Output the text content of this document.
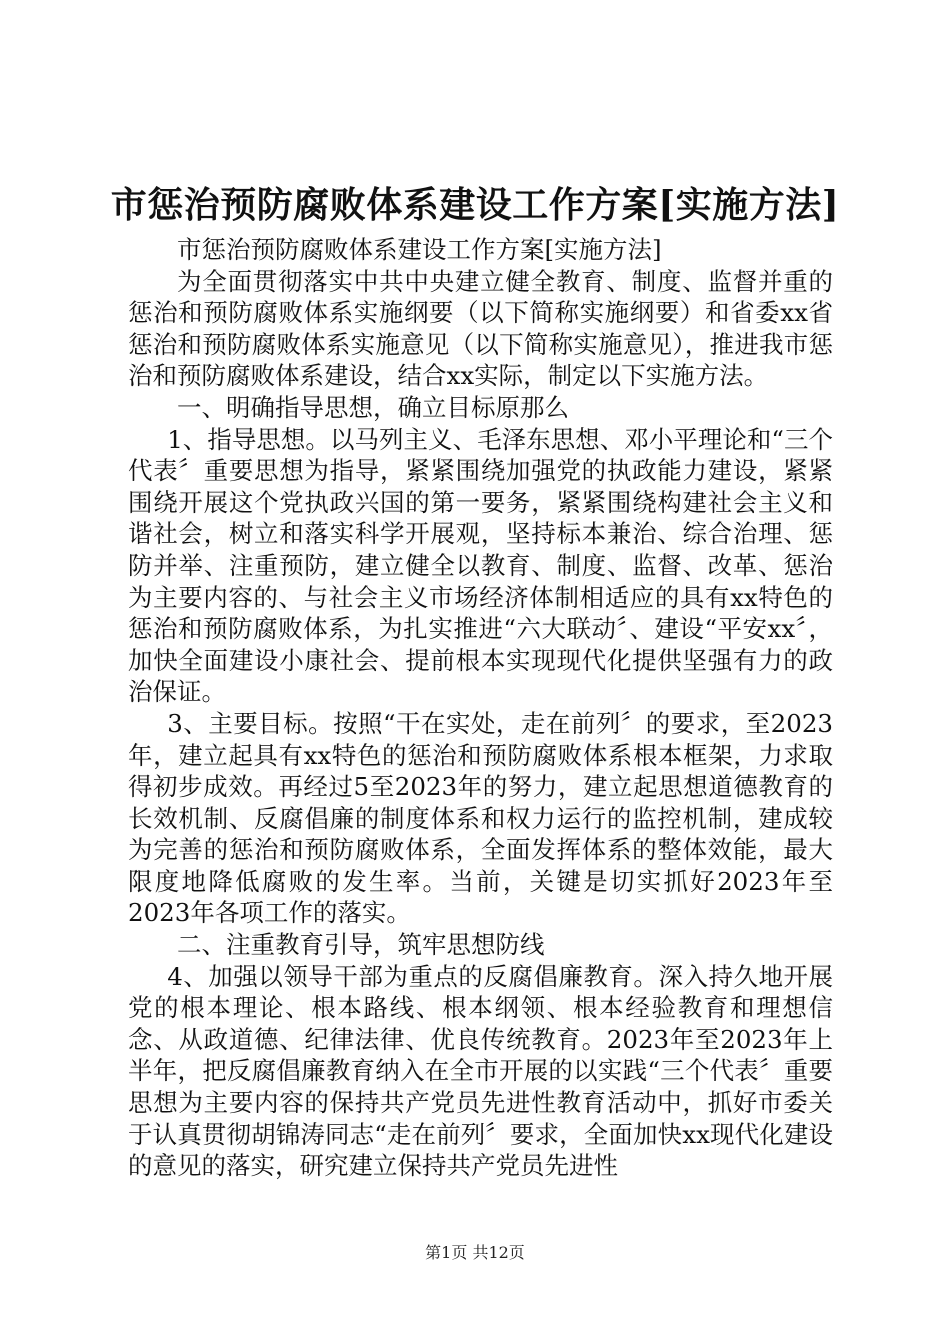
市惩治预防腐败体系建设工作方案[实施方法]

市惩治预防腐败体系建设工作方案[实施方法]

为全面贯彻落实中共中央建立健全教育、制度、监督并重的惩治和预防腐败体系实施纲要（以下简称实施纲要）和省委xx省惩治和预防腐败体系实施意见（以下简称实施意见），推进我市惩治和预防腐败体系建设，结合xx实际，制定以下实施方法。

一、明确指导思想，确立目标原那么

1、指导思想。以马列主义、毛泽东思想、邓小平理论和“三个代表〞重要思想为指导，紧紧围绕加强党的执政能力建设，紧紧围绕开展这个党执政兴国的第一要务，紧紧围绕构建社会主义和谐社会，树立和落实科学开展观，坚持标本兼治、综合治理、惩防并举、注重预防，建立健全以教育、制度、监督、改革、惩治为主要内容的、与社会主义市场经济体制相适应的具有xx特色的惩治和预防腐败体系，为扎实推进“六大联动〞、建设“平安xx〞，加快全面建设小康社会、提前根本实现现代化提供坚强有力的政治保证。

3、主要目标。按照“干在实处，走在前列〞的要求，至2023年，建立起具有xx特色的惩治和预防腐败体系根本框架，力求取得初步成效。再经过5至2023年的努力，建立起思想道德教育的长效机制、反腐倡廉的制度体系和权力运行的监控机制，建成较为完善的惩治和预防腐败体系，全面发挥体系的整体效能，最大限度地降低腐败的发生率。当前，关键是切实抓好2023年至2023年各项工作的落实。

二、注重教育引导，筑牢思想防线

4、加强以领导干部为重点的反腐倡廉教育。深入持久地开展党的根本理论、根本路线、根本纲领、根本经验教育和理想信念、从政道德、纪律法律、优良传统教育。2023年至2023年上半年，把反腐倡廉教育纳入在全市开展的以实践“三个代表〞重要思想为主要内容的保持共产党员先进性教育活动中，抓好市委关于认真贯彻胡锦涛同志“走在前列〞要求，全面加快xx现代化建设的意见的落实，研究建立保持共产党员先进性

第1页 共12页
